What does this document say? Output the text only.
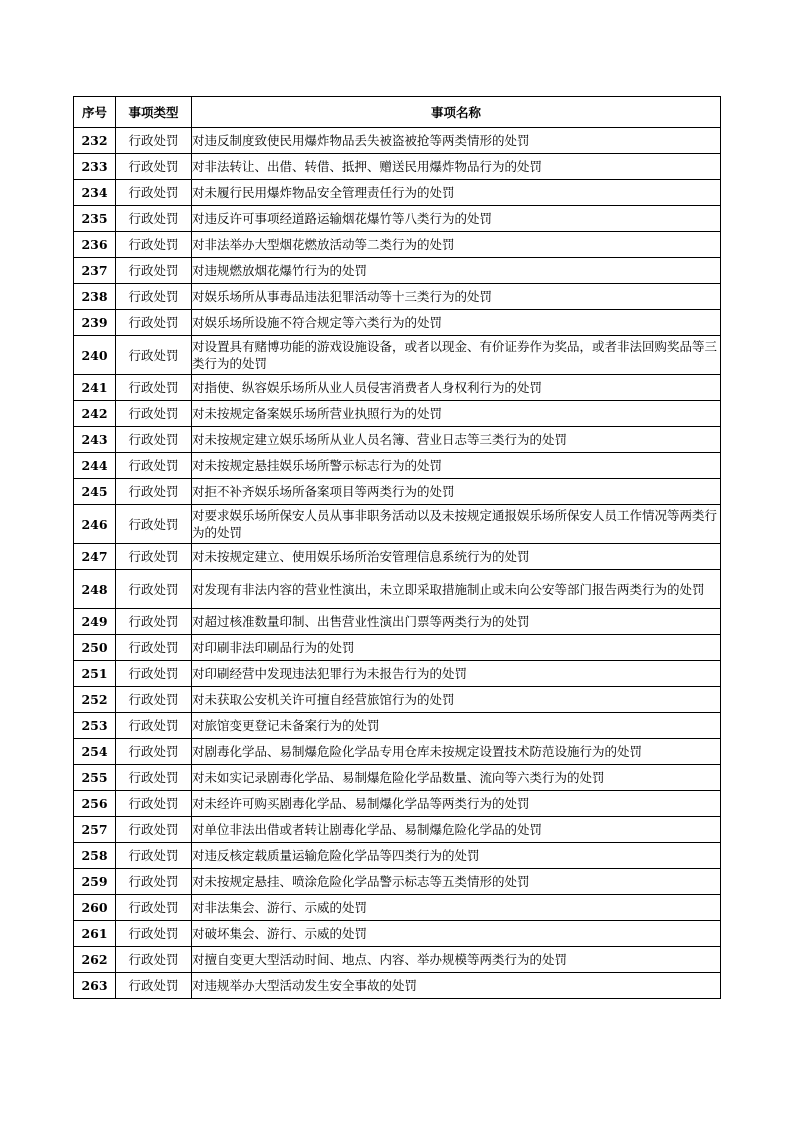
序号	事项类型	事项名称
232	行政处罚	对违反制度致使民用爆炸物品丢失被盗被抢等两类情形的处罚
233	行政处罚	对非法转让、出借、转借、抵押、赠送民用爆炸物品行为的处罚
234	行政处罚	对未履行民用爆炸物品安全管理责任行为的处罚
235	行政处罚	对违反许可事项经道路运输烟花爆竹等八类行为的处罚
236	行政处罚	对非法举办大型烟花燃放活动等二类行为的处罚
237	行政处罚	对违规燃放烟花爆竹行为的处罚
238	行政处罚	对娱乐场所从事毒品违法犯罪活动等十三类行为的处罚
239	行政处罚	对娱乐场所设施不符合规定等六类行为的处罚
240	行政处罚	对设置具有赌博功能的游戏设施设备，或者以现金、有价证券作为奖品，或者非法回购奖品等三类行为的处罚
241	行政处罚	对指使、纵容娱乐场所从业人员侵害消费者人身权利行为的处罚
242	行政处罚	对未按规定备案娱乐场所营业执照行为的处罚
243	行政处罚	对未按规定建立娱乐场所从业人员名簿、营业日志等三类行为的处罚
244	行政处罚	对未按规定悬挂娱乐场所警示标志行为的处罚
245	行政处罚	对拒不补齐娱乐场所备案项目等两类行为的处罚
246	行政处罚	对要求娱乐场所保安人员从事非职务活动以及未按规定通报娱乐场所保安人员工作情况等两类行为的处罚
247	行政处罚	对未按规定建立、使用娱乐场所治安管理信息系统行为的处罚
248	行政处罚	对发现有非法内容的营业性演出，未立即采取措施制止或未向公安等部门报告两类行为的处罚
249	行政处罚	对超过核准数量印制、出售营业性演出门票等两类行为的处罚
250	行政处罚	对印刷非法印刷品行为的处罚
251	行政处罚	对印刷经营中发现违法犯罪行为未报告行为的处罚
252	行政处罚	对未获取公安机关许可擅自经营旅馆行为的处罚
253	行政处罚	对旅馆变更登记未备案行为的处罚
254	行政处罚	对剧毒化学品、易制爆危险化学品专用仓库未按规定设置技术防范设施行为的处罚
255	行政处罚	对未如实记录剧毒化学品、易制爆危险化学品数量、流向等六类行为的处罚
256	行政处罚	对未经许可购买剧毒化学品、易制爆化学品等两类行为的处罚
257	行政处罚	对单位非法出借或者转让剧毒化学品、易制爆危险化学品的处罚
258	行政处罚	对违反核定载质量运输危险化学品等四类行为的处罚
259	行政处罚	对未按规定悬挂、喷涂危险化学品警示标志等五类情形的处罚
260	行政处罚	对非法集会、游行、示威的处罚
261	行政处罚	对破坏集会、游行、示威的处罚
262	行政处罚	对擅自变更大型活动时间、地点、内容、举办规模等两类行为的处罚
263	行政处罚	对违规举办大型活动发生安全事故的处罚
